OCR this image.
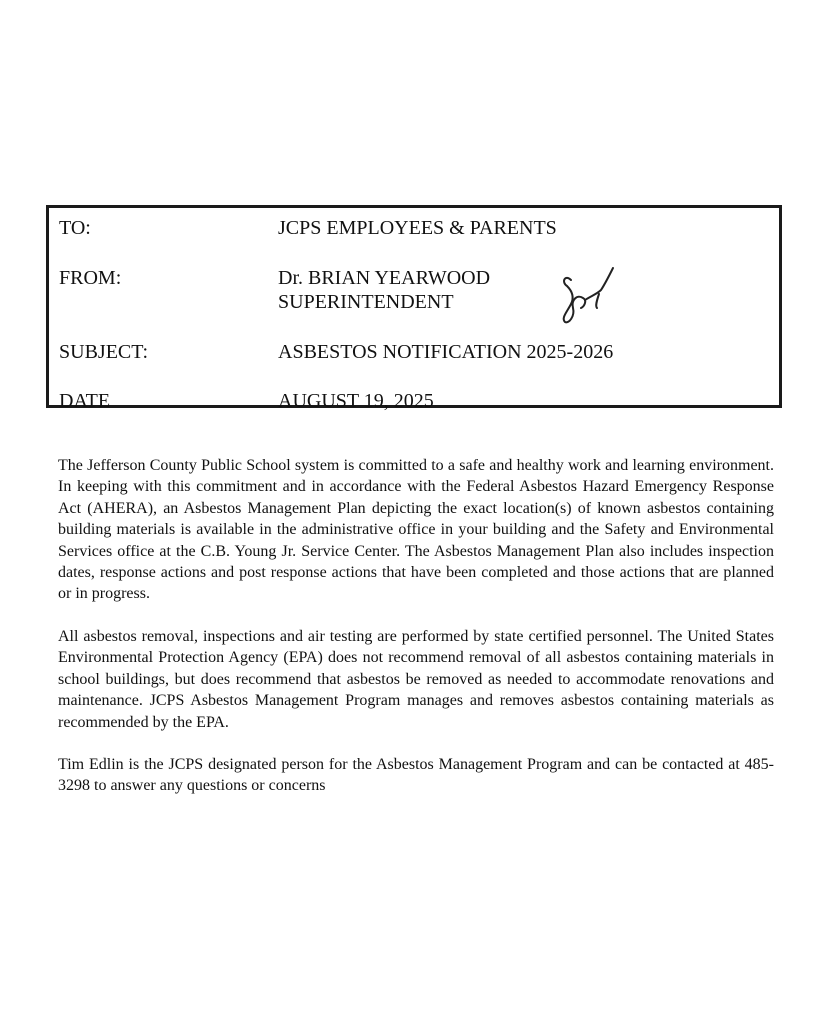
TO:	JCPS EMPLOYEES & PARENTS
FROM:	Dr. BRIAN YEARWOOD
SUPERINTENDENT
SUBJECT:	ASBESTOS NOTIFICATION 2025-2026
DATE	AUGUST 19, 2025

The Jefferson County Public School system is committed to a safe and healthy work and learning environment. In keeping with this commitment and in accordance with the Federal Asbestos Hazard Emergency Response Act (AHERA), an Asbestos Management Plan depicting the exact location(s) of known asbestos containing building materials is available in the administrative office in your building and the Safety and Environmental Services office at the C.B. Young Jr. Service Center. The Asbestos Management Plan also includes inspection dates, response actions and post response actions that have been completed and those actions that are planned or in progress.

All asbestos removal, inspections and air testing are performed by state certified personnel. The United States Environmental Protection Agency (EPA) does not recommend removal of all asbestos containing materials in school buildings, but does recommend that asbestos be removed as needed to accommodate renovations and maintenance. JCPS Asbestos Management Program manages and removes asbestos containing materials as recommended by the EPA.

Tim Edlin is the JCPS designated person for the Asbestos Management Program and can be contacted at 485-3298 to answer any questions or concerns
